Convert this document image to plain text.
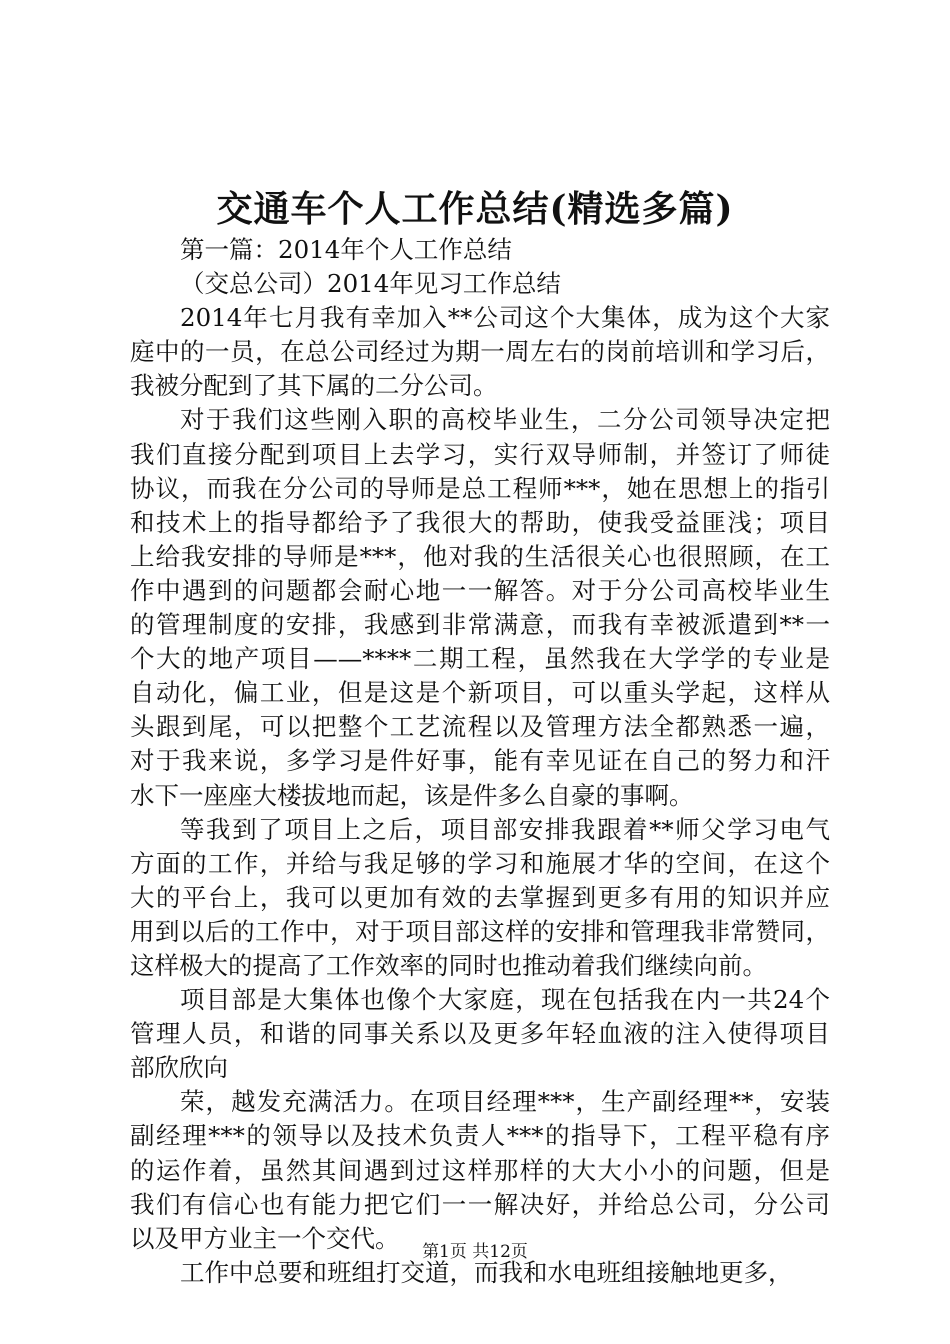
交通车个人工作总结(精选多篇)
第一篇：2014年个人工作总结
（交总公司）2014年见习工作总结
2014年七月我有幸加入**公司这个大集体，成为这个大家
庭中的一员，在总公司经过为期一周左右的岗前培训和学习后，
我被分配到了其下属的二分公司。
对于我们这些刚入职的高校毕业生，二分公司领导决定把
我们直接分配到项目上去学习，实行双导师制，并签订了师徒
协议，而我在分公司的导师是总工程师***，她在思想上的指引
和技术上的指导都给予了我很大的帮助，使我受益匪浅；项目
上给我安排的导师是***，他对我的生活很关心也很照顾，在工
作中遇到的问题都会耐心地一一解答。对于分公司高校毕业生
的管理制度的安排，我感到非常满意，而我有幸被派遣到**一
个大的地产项目——****二期工程，虽然我在大学学的专业是
自动化，偏工业，但是这是个新项目，可以重头学起，这样从
头跟到尾，可以把整个工艺流程以及管理方法全都熟悉一遍，
对于我来说，多学习是件好事，能有幸见证在自己的努力和汗
水下一座座大楼拔地而起，该是件多么自豪的事啊。
等我到了项目上之后，项目部安排我跟着**师父学习电气
方面的工作，并给与我足够的学习和施展才华的空间，在这个
大的平台上，我可以更加有效的去掌握到更多有用的知识并应
用到以后的工作中，对于项目部这样的安排和管理我非常赞同，
这样极大的提高了工作效率的同时也推动着我们继续向前。
项目部是大集体也像个大家庭，现在包括我在内一共24个
管理人员，和谐的同事关系以及更多年轻血液的注入使得项目
部欣欣向
荣，越发充满活力。在项目经理***，生产副经理**，安装
副经理***的领导以及技术负责人***的指导下，工程平稳有序
的运作着，虽然其间遇到过这样那样的大大小小的问题，但是
我们有信心也有能力把它们一一解决好，并给总公司，分公司
以及甲方业主一个交代。
工作中总要和班组打交道，而我和水电班组接触地更多，
第1页 共12页
